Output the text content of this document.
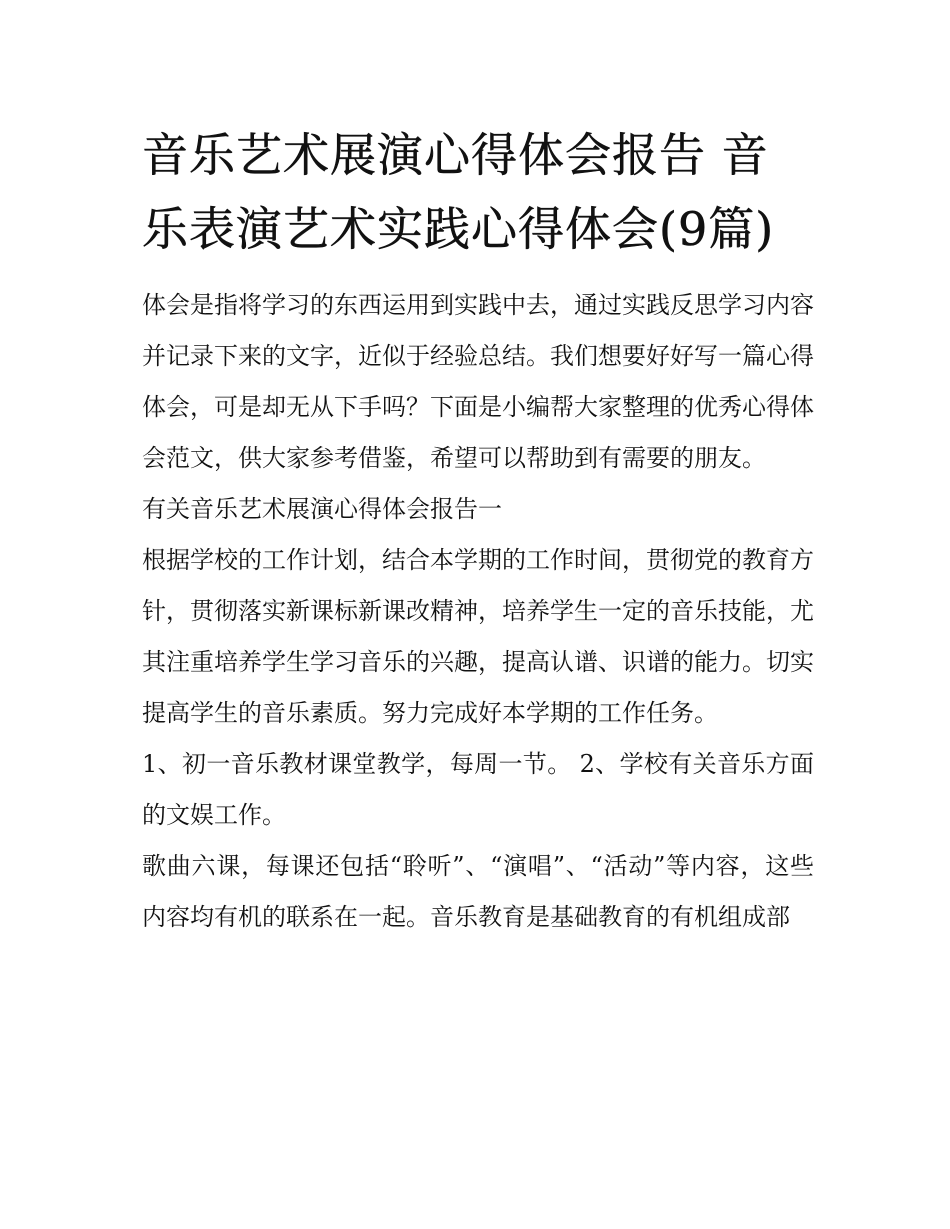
音乐艺术展演心得体会报告 音乐表演艺术实践心得体会(9篇)

体会是指将学习的东西运用到实践中去，通过实践反思学习内容并记录下来的文字，近似于经验总结。我们想要好好写一篇心得体会，可是却无从下手吗？下面是小编帮大家整理的优秀心得体会范文，供大家参考借鉴，希望可以帮助到有需要的朋友。

有关音乐艺术展演心得体会报告一

根据学校的工作计划，结合本学期的工作时间，贯彻党的教育方针，贯彻落实新课标新课改精神，培养学生一定的音乐技能，尤其注重培养学生学习音乐的兴趣，提高认谱、识谱的能力。切实提高学生的音乐素质。努力完成好本学期的工作任务。

1、初一音乐教材课堂教学，每周一节。 2、学校有关音乐方面的文娱工作。

歌曲六课，每课还包括“聆听”、“演唱”、“活动”等内容，这些内容均有机的联系在一起。音乐教育是基础教育的有机组成部
